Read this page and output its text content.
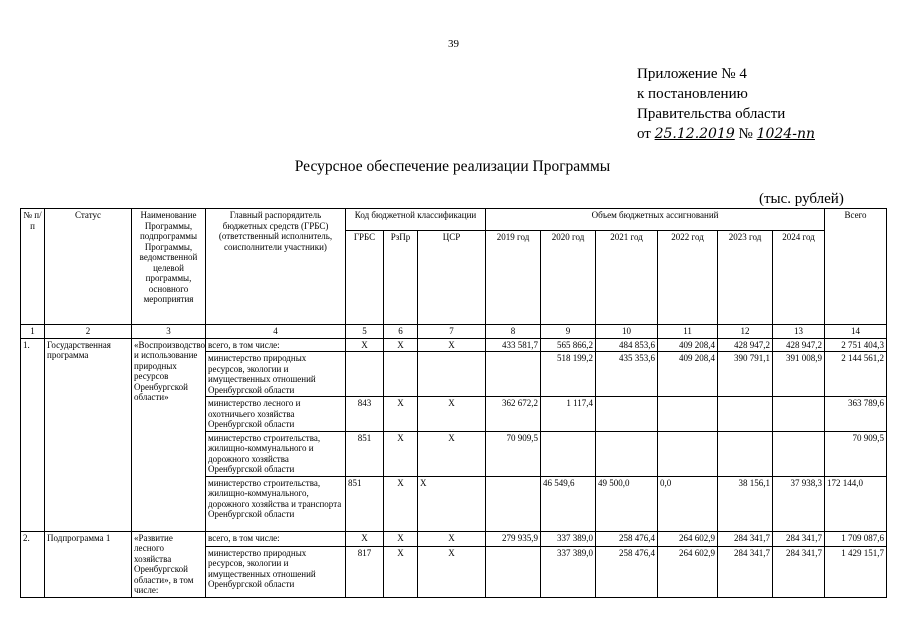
39
Приложение № 4
к постановлению
Правительства области
от 25.12.2019 № 1024-пп
Ресурсное обеспечение реализации Программы
(тыс. рублей)
№ п/п	Статус	Наименование Программы, подпрограммы Программы, ведомственной целевой программы, основного мероприятия	Главный распорядитель бюджетных средств (ГРБС) (ответственный исполнитель, соисполнители участники)	Код бюджетной классификации			Объем бюджетных ассигнований						Всего
				ГРБС	РзПр	ЦСР	2019 год	2020 год	2021 год	2022 год	2023 год	2024 год	
1	2	3	4	5	6	7	8	9	10	11	12	13	14
1.	Государственная программа	«Воспроизводство и использование природных ресурсов Оренбургской области»	всего, в том числе:	Х	Х	Х	433 581,7	565 866,2	484 853,6	409 208,4	428 947,2	428 947,2	2 751 404,3
			министерство природных ресурсов, экологии и имущественных отношений Оренбургской области					518 199,2	435 353,6	409 208,4	390 791,1	391 008,9	2 144 561,2
			министерство лесного и охотничьего хозяйства Оренбургской области	843	Х	Х	362 672,2	1 117,4					363 789,6
			министерство строительства, жилищно-коммунального и дорожного хозяйства Оренбургской области	851	Х	Х	70 909,5						70 909,5
			министерство строительства, жилищно-коммунального, дорожного хозяйства и транспорта Оренбургской области	851	Х	Х		46 549,6	49 500,0	0,0	38 156,1	37 938,3	172 144,0
2.	Подпрограмма 1	«Развитие лесного хозяйства Оренбургской области», в том числе:	всего, в том числе:	Х	Х	Х	279 935,9	337 389,0	258 476,4	264 602,9	284 341,7	284 341,7	1 709 087,6
			министерство природных ресурсов, экологии и имущественных отношений Оренбургской области	817	Х	Х		337 389,0	258 476,4	264 602,9	284 341,7	284 341,7	1 429 151,7
